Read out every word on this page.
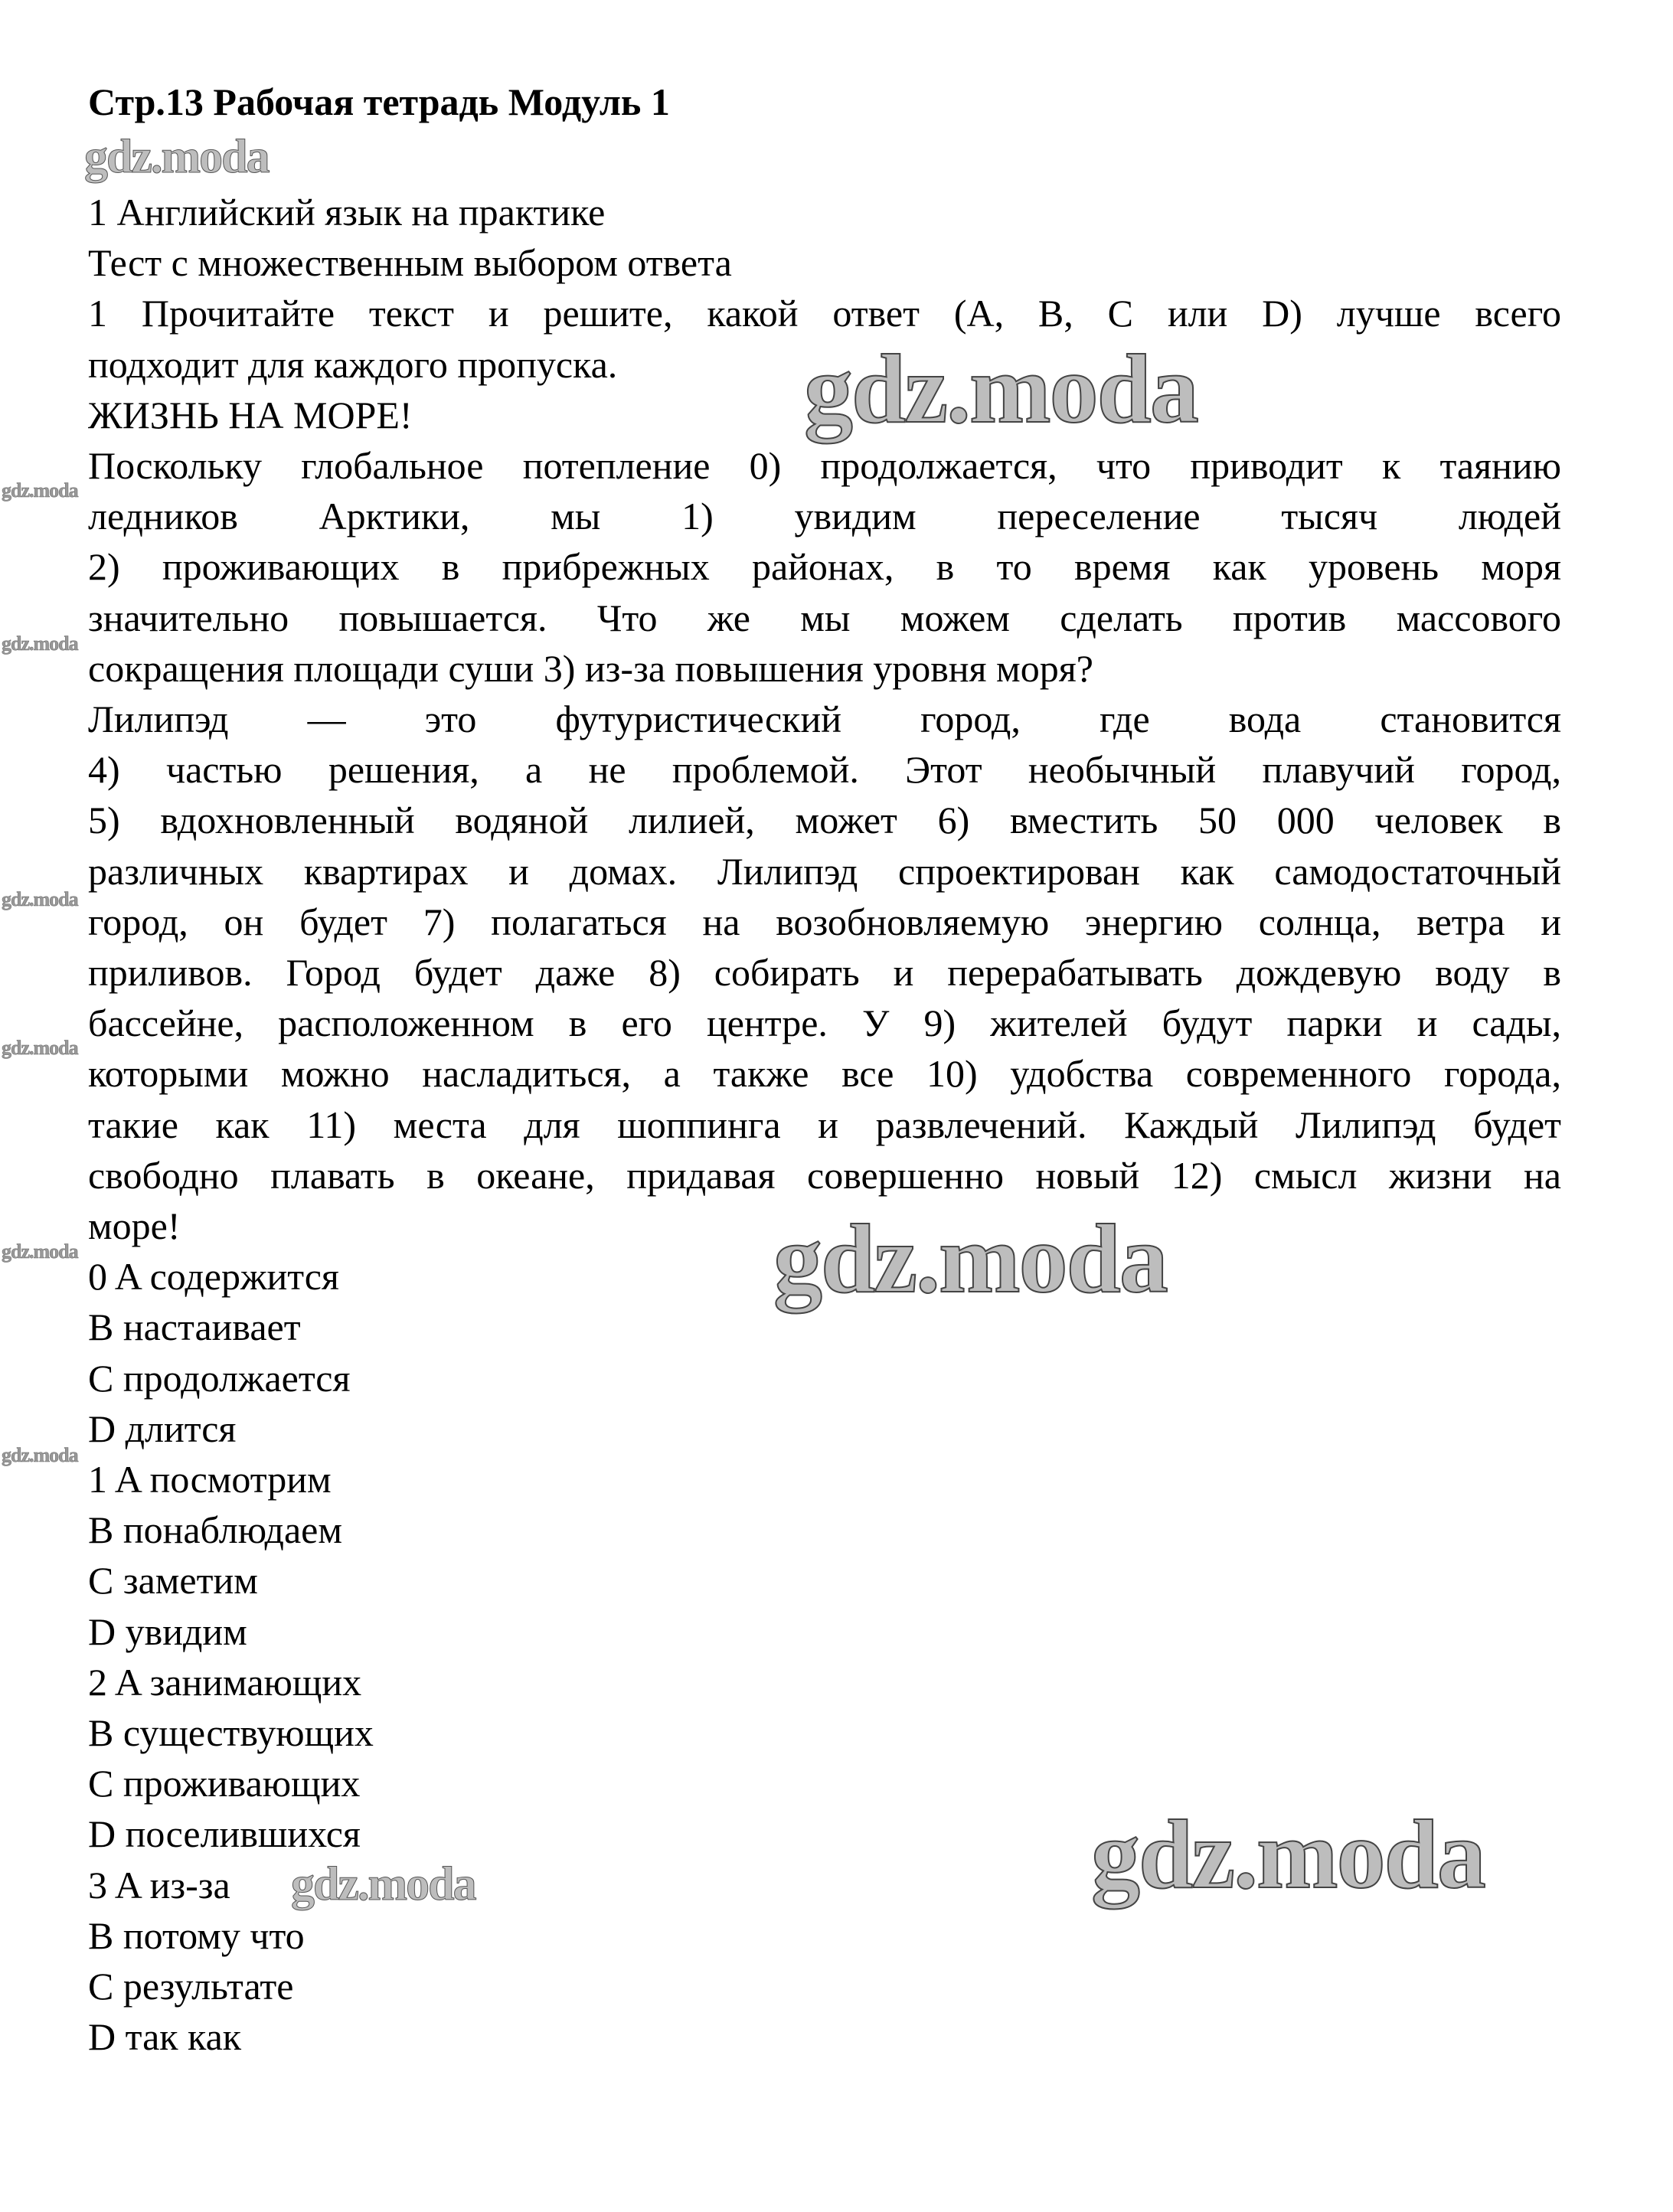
Стр.13 Рабочая тетрадь Модуль 1
1 Английский язык на практике
Тест с множественным выбором ответа
1 Прочитайте текст и решите, какой ответ (A, B, C или D) лучше всего
подходит для каждого пропуска.
ЖИЗНЬ НА МОРЕ!
Поскольку глобальное потепление 0) продолжается, что приводит к таянию
ледников Арктики, мы 1) увидим переселение тысяч людей
2) проживающих в прибрежных районах, в то время как уровень моря
значительно повышается. Что же мы можем сделать против массового
сокращения площади суши 3) из-за повышения уровня моря?
Лилипэд — это футуристический город, где вода становится
4) частью решения, а не проблемой. Этот необычный плавучий город,
5) вдохновленный водяной лилией, может 6) вместить 50 000 человек в
различных квартирах и домах. Лилипэд спроектирован как самодостаточный
город, он будет 7) полагаться на возобновляемую энергию солнца, ветра и
приливов. Город будет даже 8) собирать и перерабатывать дождевую воду в
бассейне, расположенном в его центре. У 9) жителей будут парки и сады,
которыми можно насладиться, а также все 10) удобства современного города,
такие как 11) места для шоппинга и развлечений. Каждый Лилипэд будет
свободно плавать в океане, придавая совершенно новый 12) смысл жизни на
море!
0 A содержится
B настаивает
C продолжается
D длится
1 A посмотрим
B понаблюдаем
C заметим
D увидим
2 A занимающих
B существующих
C проживающих
D поселившихся
3 A из-за
B потому что
C результате
D так как
gdz.moda
gdz.moda
gdz.moda
gdz.moda
gdz.moda
gdz.moda
gdz.moda
gdz.moda
gdz.moda
gdz.moda
gdz.moda
